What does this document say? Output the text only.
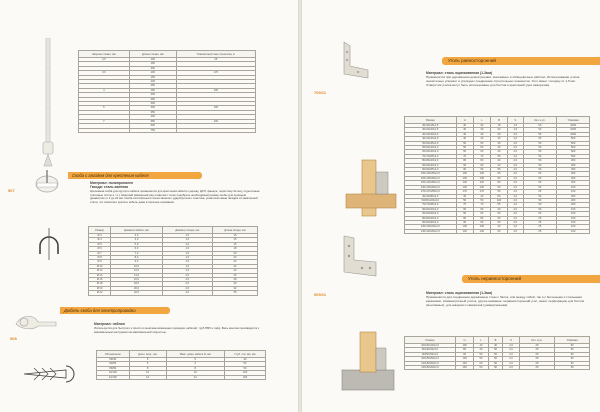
Ширина стяжки, мм	Длина стяжки, мм	Упаковочный пакет ф-кнопка, кг
2,5	100	25
	150	
	200	
3,6	100	170
	150	
	200	
	250	
4	150	100
	200	
	250	
	300	
5	300	100
	350	
	400	
7	550	100
	600	
	750	
507
Скоба с гвоздем для крепления кабеля
Материал: полипропилен
Гвозди: сталь калёная
Крепежная скоба для круглого кабеля применяется для крепления кабеля к дереву, ДСП, фанере, пористому бетону, отделочным (гипсовые плиты и т.п.). Широкий размерный ряд позволяет точно подобрать необходимый размер скобы для проводов диаметром от 3 до 22 мм. Скоба изготовлена из качественного ударопрочного пластика, укомплектована гвоздем из закаленной стали, что позволяет крепить кабель даже в прочные основания.
Размер	Диаметр кабеля, мм	Диаметр гвоздя, мм	Длина гвоздя, мм
Ø 3	3,0	1,6	15
Ø 4	4,0	1,6	15
Ø 5	5,0	1,6	15
Ø 6	6,0	1,6	18
Ø 7	7,0	1,6	20
Ø 8	8,0	1,6	20
Ø 9	9,0	1,6	22
Ø 10	10,0	1,6	22
Ø 12	12,0	1,6	22
Ø 14	14,0	2,0	25
Ø 16	16,0	2,0	28
Ø 18	18,0	2,0	30
Ø 20	20,0	2,0	32
Ø 22	22,0	2,0	35
Дюбель-скоба для электропроводки
508
Материал: нейлон
Используется для быстрого и простого монтажа возможных проводов, кабелей, труб ПВХ и гофр. Весь монтаж производится с минимальным инструментом максимальной скоростью.
Обозначение	Длин. скор., мм	Макс. диам. кабеля D, мм	Глуб. отв. мм, мм
5D/40	5	5	40
6D/50	6	6	50
8D/50	8	8	50
10/100	10	10	100
12/100	12	12	100
Уголь равносторонний
709/11
509/11
Материал: сталь оцинкованная (1-3мм)
Применяется при деревянном домостроении, монтажных и облицовочных работах. Использование уголка значительно ускоряет и упрощает соединение строительных элементов. Угол имеет толщину от 1,5 мм. Отверстия уголка могут быть использованы для болтов и креплений (для саморезов).
Размер	H	L	B	S	Кол. в уп.	Упаковка
30х30х18х1,5	30	30	18	1,5	50	1000
30х30х20х1,5	30	30	20	1,5	50	1000
40х40х30х2,0	40	40	30	2,0	50	1000
40х40х40х2,0	40	40	40	2,0	50	500
50х50х35х2,0	50	50	35	2,0	50	500
50х50х40х2,0	50	50	40	2,0	50	500
60х60х40х2,0	60	60	40	2,0	50	500
70х70х55х2,0	70	70	55	2,0	50	500
80х80х40х2,0	80	80	40	2,0	50	300
90х90х40х2,0	90	90	40	2,0	50	300
90х90х65х2,0	90	90	65	2,0	50	300
100х100х65х2,0	100	100	65	2,0	50	300
105х105х90х2,0	105	105	90	2,0	50	200
120х120х80х2,0	120	120	80	2,0	50	200
130х130х90х2,0	130	130	90	2,0	50	100
170х170х55х2,0	170	170	55	2,0	25	100
40х40х80х2,0	40	40	80	2,0	50	300
50х50х100х2,0	50	50	100	2,0	50	200
70х70х55х2,0	70	70	55	2,0	50	200
90х90х40х2,0	90	90	40	2,0	50	100
60х60х60х2,0	60	60	60	2,0	50	100
80х80х60х2,0	80	80	60	2,0	25	100
90х90х90х2,0	90	90	90	2,0	25	100
100х100х40х2,0	100	100	40	2,0	25	100
140х140х60х2,0	140	140	60	2,0	25	100
Уголь неравносторонний
Материал: сталь оцинкованная (1-3мм)
Применяются для соединения деревянных стоек с балок, или между собой, так и с бетонными и стальными каркасами. Асимметричный уголок, другое название: неравносторонний угол, имеет перфорацию для болтов (монтажных), для анкеров и саморезов (универсальная).
Размер	H	L	B	S	Кол. в уп.	Упаковка
100х40х40х2,0	100	40	40	2,0	25	50
80х40х60х2,0	80	40	60	2,0	25	50
90х50х50х2,0	90	50	50	2,0	25	50
100х50х50х2,0	100	50	50	2,0	25	50
120х60х60х2,0	120	60	60	2,0	25	50
130х60х60х2,0	130	60	60	2,0	25	50
